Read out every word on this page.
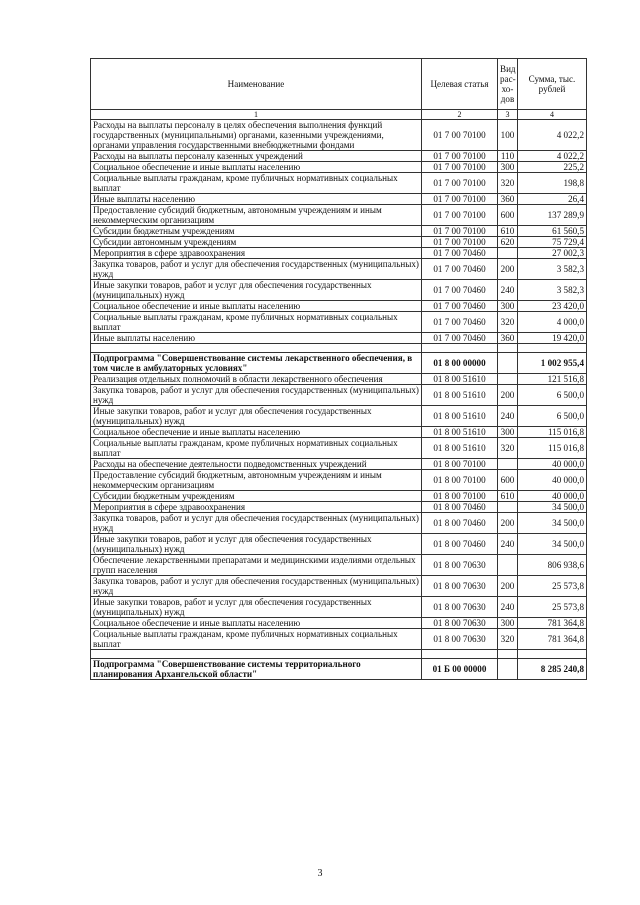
Наименование	Целевая статья	Вид рас-хо-дов	Сумма, тыс. рублей
1	2	3	4
Расходы на выплаты персоналу в целях обеспечения выполнения функций государственных (муниципальными) органами, казенными учреждениями, органами управления государственными внебюджетными фондами	01 7 00 70100	100	4 022,2
Расходы на выплаты персоналу казенных учреждений	01 7 00 70100	110	4 022,2
Социальное обеспечение и иные выплаты населению	01 7 00 70100	300	225,2
Социальные выплаты гражданам, кроме публичных нормативных социальных выплат	01 7 00 70100	320	198,8
Иные выплаты населению	01 7 00 70100	360	26,4
Предоставление субсидий бюджетным, автономным учреждениям и иным некоммерческим организациям	01 7 00 70100	600	137 289,9
Субсидии бюджетным учреждениям	01 7 00 70100	610	61 560,5
Субсидии автономным учреждениям	01 7 00 70100	620	75 729,4
Мероприятия в сфере здравоохранения	01 7 00 70460		27 002,3
Закупка товаров, работ и услуг для обеспечения государственных (муниципальных) нужд	01 7 00 70460	200	3 582,3
Иные закупки товаров, работ и услуг для обеспечения государственных (муниципальных) нужд	01 7 00 70460	240	3 582,3
Социальное обеспечение и иные выплаты населению	01 7 00 70460	300	23 420,0
Социальные выплаты гражданам, кроме публичных нормативных социальных выплат	01 7 00 70460	320	4 000,0
Иные выплаты населению	01 7 00 70460	360	19 420,0

Подпрограмма "Совершенствование системы лекарственного обеспечения, в том числе в амбулаторных условиях"	01 8 00 00000		1 002 955,4
Реализация отдельных полномочий в области лекарственного обеспечения	01 8 00 51610		121 516,8
Закупка товаров, работ и услуг для обеспечения государственных (муниципальных) нужд	01 8 00 51610	200	6 500,0
Иные закупки товаров, работ и услуг для обеспечения государственных (муниципальных) нужд	01 8 00 51610	240	6 500,0
Социальное обеспечение и иные выплаты населению	01 8 00 51610	300	115 016,8
Социальные выплаты гражданам, кроме публичных нормативных социальных выплат	01 8 00 51610	320	115 016,8
Расходы на обеспечение деятельности подведомственных учреждений	01 8 00 70100		40 000,0
Предоставление субсидий бюджетным, автономным учреждениям и иным некоммерческим организациям	01 8 00 70100	600	40 000,0
Субсидии бюджетным учреждениям	01 8 00 70100	610	40 000,0
Мероприятия в сфере здравоохранения	01 8 00 70460		34 500,0
Закупка товаров, работ и услуг для обеспечения государственных (муниципальных) нужд	01 8 00 70460	200	34 500,0
Иные закупки товаров, работ и услуг для обеспечения государственных (муниципальных) нужд	01 8 00 70460	240	34 500,0
Обеспечение лекарственными препаратами и медицинскими изделиями отдельных групп населения	01 8 00 70630		806 938,6
Закупка товаров, работ и услуг для обеспечения государственных (муниципальных) нужд	01 8 00 70630	200	25 573,8
Иные закупки товаров, работ и услуг для обеспечения государственных (муниципальных) нужд	01 8 00 70630	240	25 573,8
Социальное обеспечение и иные выплаты населению	01 8 00 70630	300	781 364,8
Социальные выплаты гражданам, кроме публичных нормативных социальных выплат	01 8 00 70630	320	781 364,8

Подпрограмма "Совершенствование системы территориального планирования Архангельской области"	01 Б 00 00000		8 285 240,8
3
